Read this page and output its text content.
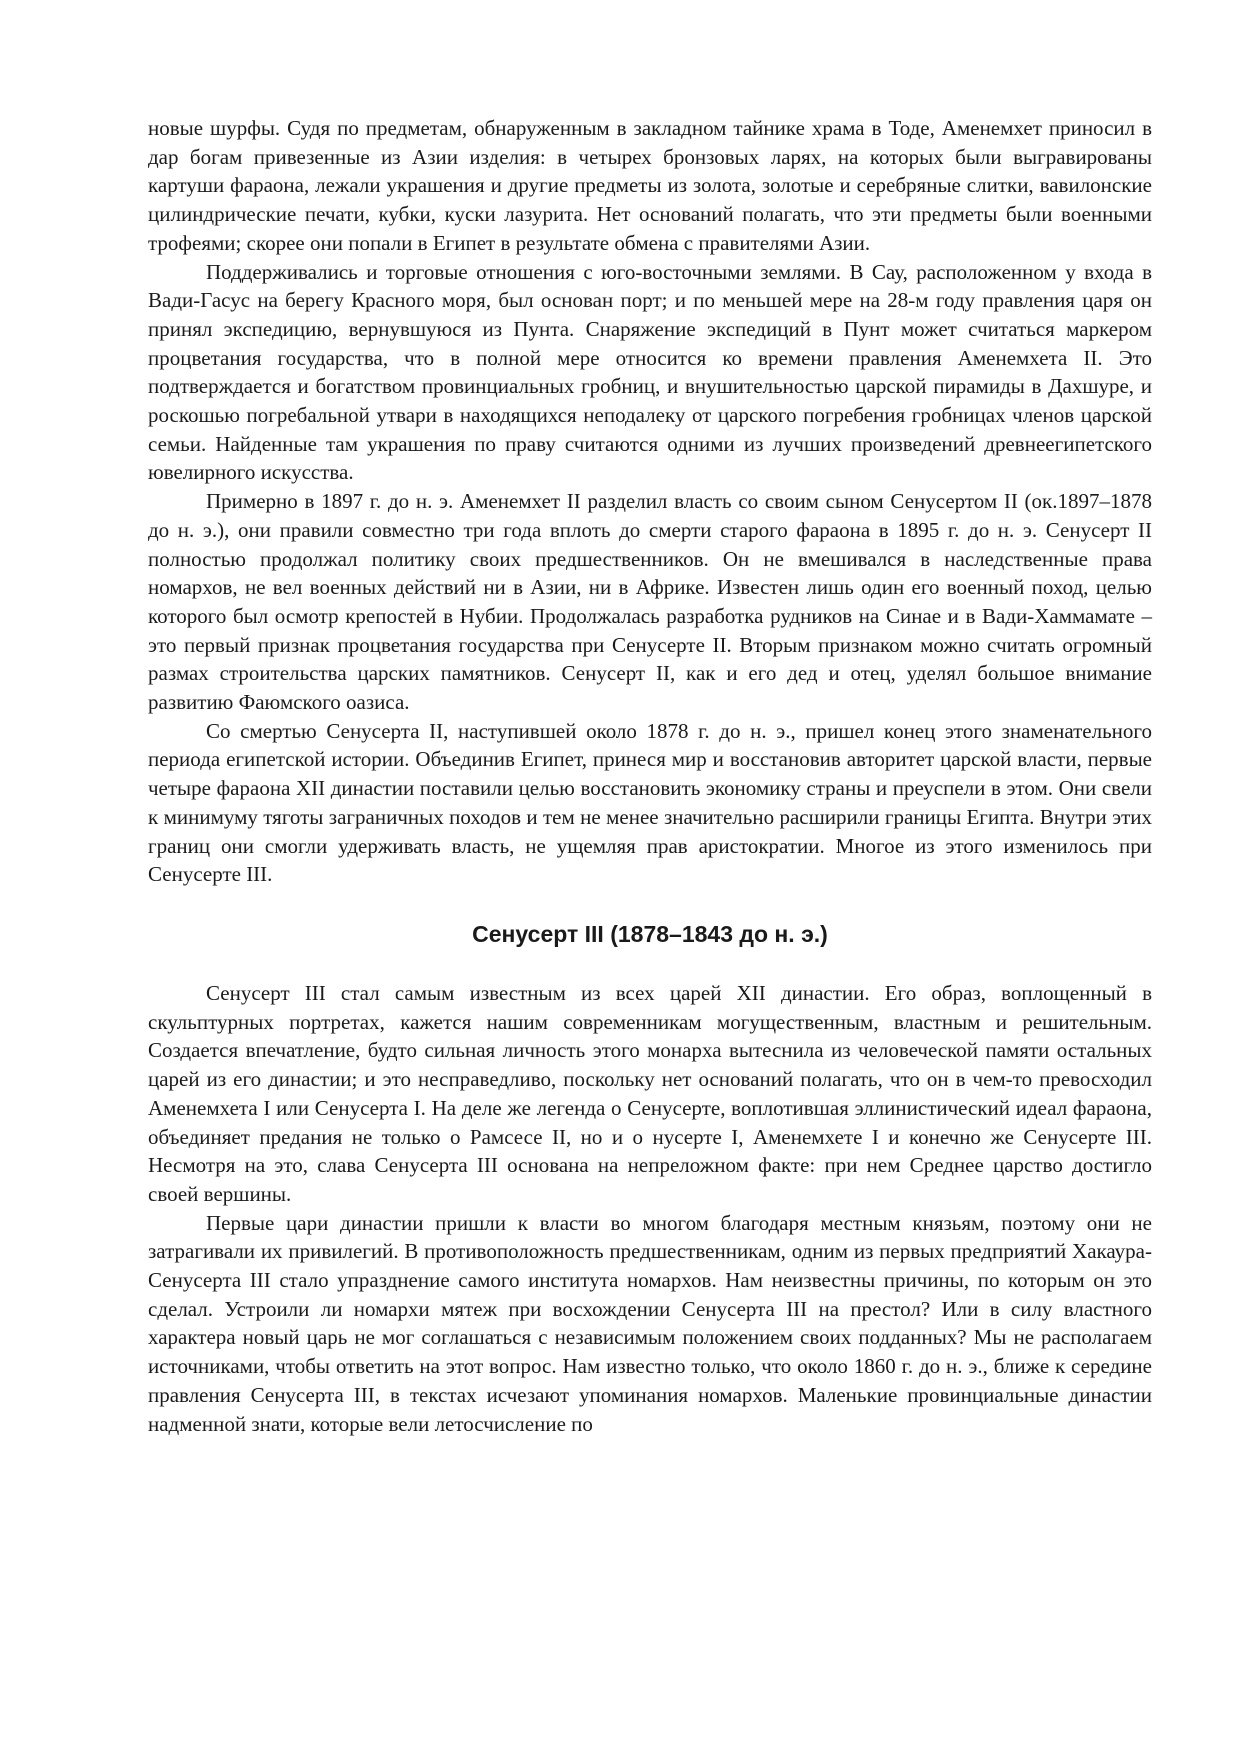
новые шурфы. Судя по предметам, обнаруженным в закладном тайнике храма в Тоде, Аменемхет приносил в дар богам привезенные из Азии изделия: в четырех бронзовых ларях, на которых были выгравированы картуши фараона, лежали украшения и другие предметы из золота, золотые и серебряные слитки, вавилонские цилиндрические печати, кубки, куски лазурита. Нет оснований полагать, что эти предметы были военными трофеями; скорее они попали в Египет в результате обмена с правителями Азии.

Поддерживались и торговые отношения с юго-восточными землями. В Сау, расположенном у входа в Вади-Гасус на берегу Красного моря, был основан порт; и по меньшей мере на 28-м году правления царя он принял экспедицию, вернувшуюся из Пунта. Снаряжение экспедиций в Пунт может считаться маркером процветания государства, что в полной мере относится ко времени правления Аменемхета II. Это подтверждается и богатством провинциальных гробниц, и внушительностью царской пирамиды в Дахшуре, и роскошью погребальной утвари в находящихся неподалеку от царского погребения гробницах членов царской семьи. Найденные там украшения по праву считаются одними из лучших произведений древнеегипетского ювелирного искусства.

Примерно в 1897 г. до н. э. Аменемхет II разделил власть со своим сыном Сенусертом II (ок.1897–1878 до н. э.), они правили совместно три года вплоть до смерти старого фараона в 1895 г. до н. э. Сенусерт II полностью продолжал политику своих предшественников. Он не вмешивался в наследственные права номархов, не вел военных действий ни в Азии, ни в Африке. Известен лишь один его военный поход, целью которого был осмотр крепостей в Нубии. Продолжалась разработка рудников на Синае и в Вади-Хаммамате – это первый признак процветания государства при Сенусерте II. Вторым признаком можно считать огромный размах строительства царских памятников. Сенусерт II, как и его дед и отец, уделял большое внимание развитию Фаюмского оазиса.

Со смертью Сенусерта II, наступившей около 1878 г. до н. э., пришел конец этого знаменательного периода египетской истории. Объединив Египет, принеся мир и восстановив авторитет царской власти, первые четыре фараона XII династии поставили целью восстановить экономику страны и преуспели в этом. Они свели к минимуму тяготы заграничных походов и тем не менее значительно расширили границы Египта. Внутри этих границ они смогли удерживать власть, не ущемляя прав аристократии. Многое из этого изменилось при Сенусерте III.

Сенусерт III (1878–1843 до н. э.)

Сенусерт III стал самым известным из всех царей XII династии. Его образ, воплощенный в скульптурных портретах, кажется нашим современникам могущественным, властным и решительным. Создается впечатление, будто сильная личность этого монарха вытеснила из человеческой памяти остальных царей из его династии; и это несправедливо, поскольку нет оснований полагать, что он в чем-то превосходил Аменемхета I или Сенусерта I. На деле же легенда о Сенусерте, воплотившая эллинистический идеал фараона, объединяет предания не только о Рамсесе II, но и о нусерте I, Аменемхете I и конечно же Сенусерте III. Несмотря на это, слава Сенусерта III основана на непреложном факте: при нем Среднее царство достигло своей вершины.

Первые цари династии пришли к власти во многом благодаря местным князьям, поэтому они не затрагивали их привилегий. В противоположность предшественникам, одним из первых предприятий Хакаура-Сенусерта III стало упразднение самого института номархов. Нам неизвестны причины, по которым он это сделал. Устроили ли номархи мятеж при восхождении Сенусерта III на престол? Или в силу властного характера новый царь не мог соглашаться с независимым положением своих подданных? Мы не располагаем источниками, чтобы ответить на этот вопрос. Нам известно только, что около 1860 г. до н. э., ближе к середине правления Сенусерта III, в текстах исчезают упоминания номархов. Маленькие провинциальные династии надменной знати, которые вели летосчисление по
